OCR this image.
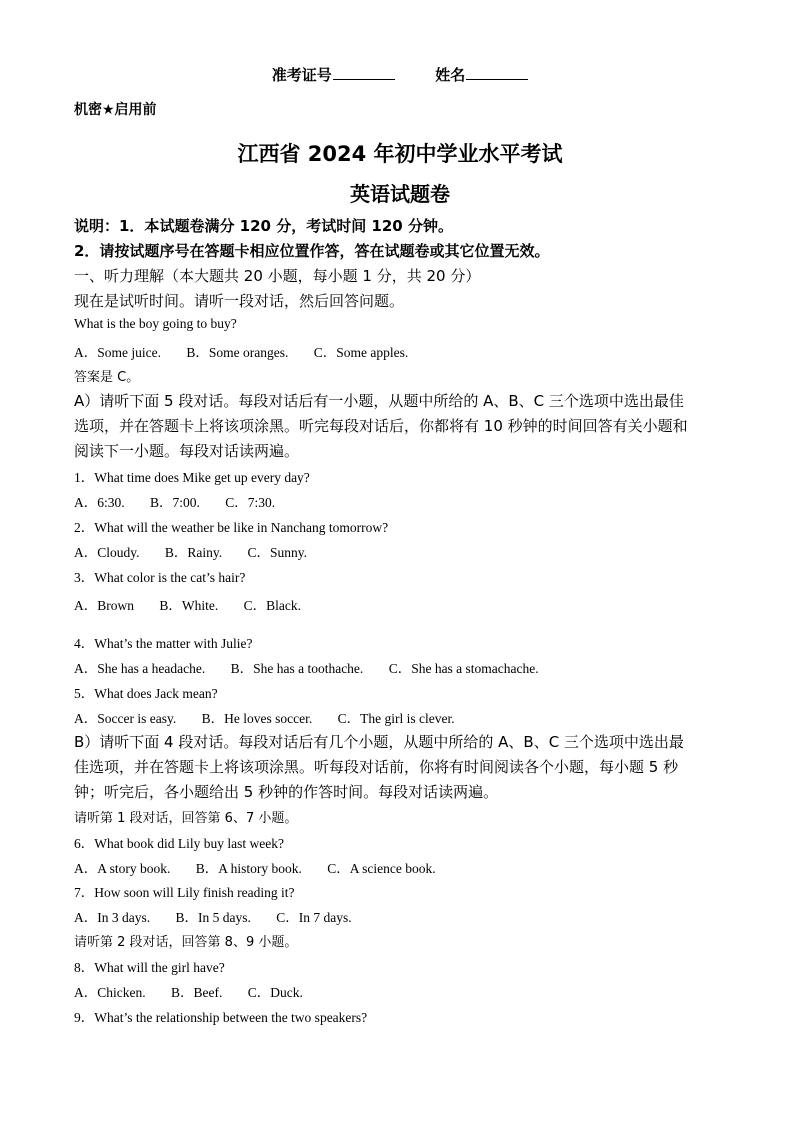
准考证号	姓名
机密★启用前
江西省 2024 年初中学业水平考试
英语试题卷
说明：1．本试题卷满分 120 分，考试时间 120 分钟。
2．请按试题序号在答题卡相应位置作答，答在试题卷或其它位置无效。
一、听力理解（本大题共 20 小题，每小题 1 分，共 20 分）
现在是试听时间。请听一段对话，然后回答问题。
What is the boy going to buy?
A．Some juice. B．Some oranges. C．Some apples.
答案是 C。
A）请听下面 5 段对话。每段对话后有一小题，从题中所给的 A、B、C 三个选项中选出最佳
选项，并在答题卡上将该项涂黑。听完每段对话后，你都将有 10 秒钟的时间回答有关小题和
阅读下一小题。每段对话读两遍。
1．What time does Mike get up every day?
A．6:30. B．7:00. C．7:30.
2．What will the weather be like in Nanchang tomorrow?
A．Cloudy. B．Rainy. C．Sunny.
3．What color is the cat’s hair?
A．Brown B．White. C．Black.
4．What’s the matter with Julie?
A．She has a headache. B．She has a toothache. C．She has a stomachache.
5．What does Jack mean?
A．Soccer is easy. B．He loves soccer. C．The girl is clever.
B）请听下面 4 段对话。每段对话后有几个小题，从题中所给的 A、B、C 三个选项中选出最
佳选项，并在答题卡上将该项涂黑。听每段对话前，你将有时间阅读各个小题，每小题 5 秒
钟；听完后，各小题给出 5 秒钟的作答时间。每段对话读两遍。
请听第 1 段对话，回答第 6、7 小题。
6．What book did Lily buy last week?
A．A story book. B．A history book. C．A science book.
7．How soon will Lily finish reading it?
A．In 3 days. B．In 5 days. C．In 7 days.
请听第 2 段对话，回答第 8、9 小题。
8．What will the girl have?
A．Chicken. B．Beef. C．Duck.
9．What’s the relationship between the two speakers?
